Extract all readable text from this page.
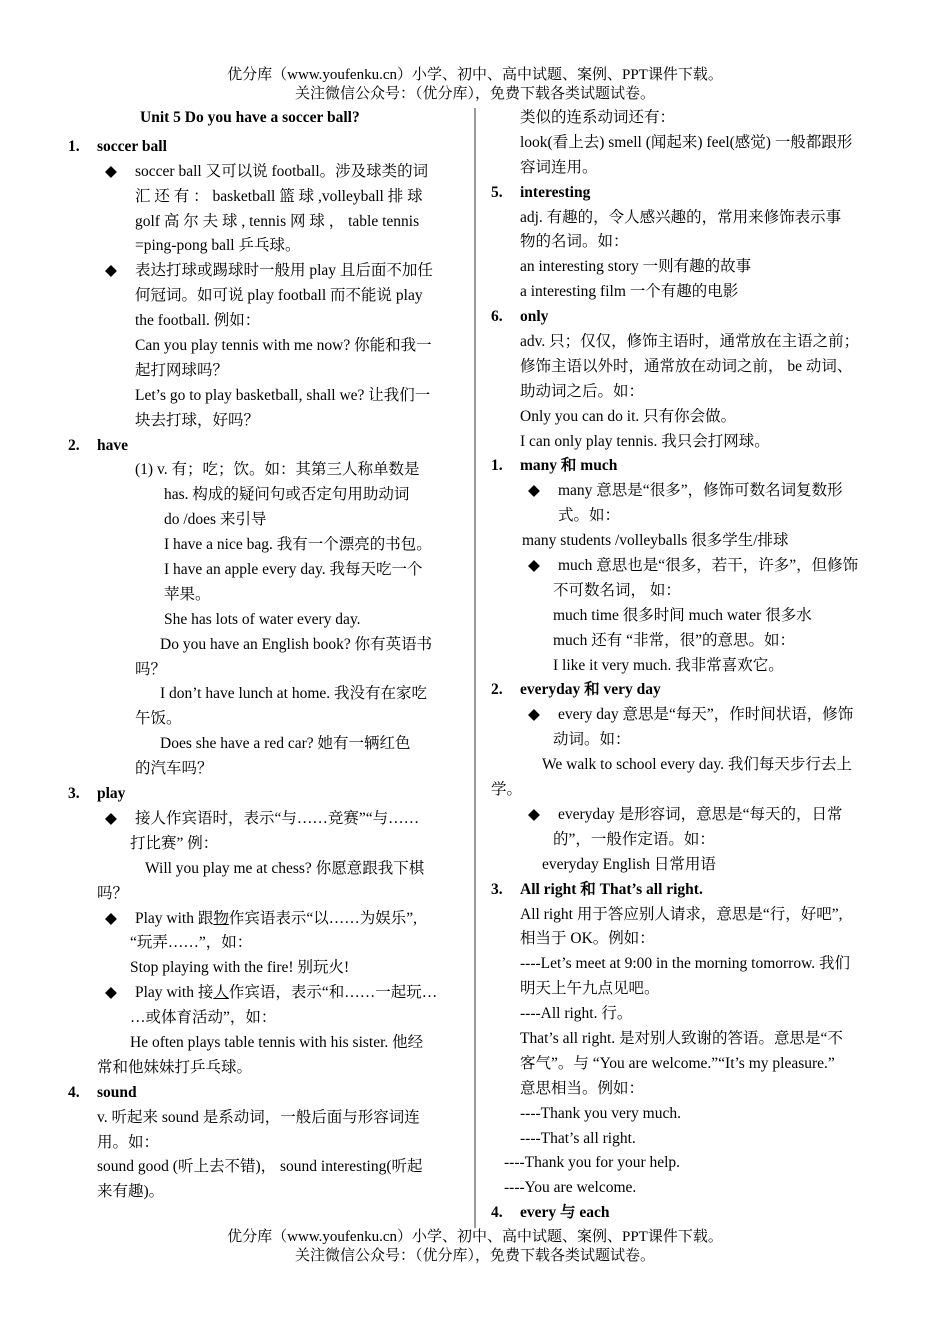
优分库（www.youfenku.cn）小学、初中、高中试题、案例、PPT课件下载。
关注微信公众号：（优分库），免费下载各类试题试卷。
Unit 5 Do you have a soccer ball?
1. soccer ball
◆ soccer ball 又可以说 football。涉及球类的词
汇 还 有 ： basketball 篮 球 ,volleyball 排 球
golf 高 尔 夫 球 , tennis 网 球 ， table tennis
=ping-pong ball 乒乓球。
◆ 表达打球或踢球时一般用 play 且后面不加任
何冠词。如可说 play football 而不能说 play
the football. 例如：
Can you play tennis with me now? 你能和我一
起打网球吗？
Let’s go to play basketball, shall we? 让我们一
块去打球，好吗？
2. have
(1) v. 有；吃；饮。如：其第三人称单数是
has. 构成的疑问句或否定句用助动词
do /does 来引导
I have a nice bag. 我有一个漂亮的书包。
I have an apple every day. 我每天吃一个
苹果。
She has lots of water every day.
Do you have an English book? 你有英语书
吗？
I don’t have lunch at home. 我没有在家吃
午饭。
Does she have a red car? 她有一辆红色
的汽车吗？
3. play
◆ 接人作宾语时，表示“与……竞赛”“与……
打比赛” 例：
Will you play me at chess? 你愿意跟我下棋
吗？
◆ Play with 跟物作宾语表示“以……为娱乐”,
“玩弄……”，如：
Stop playing with the fire! 别玩火!
◆ Play with 接人作宾语，表示“和……一起玩…
…或体育活动”，如：
He often plays table tennis with his sister. 他经
常和他妹妹打乒乓球。
4. sound
v. 听起来 sound 是系动词，一般后面与形容词连
用。如：
sound good (听上去不错)， sound interesting(听起
来有趣)。
类似的连系动词还有：
look(看上去) smell (闻起来) feel(感觉) 一般都跟形
容词连用。
5. interesting
adj. 有趣的，令人感兴趣的，常用来修饰表示事
物的名词。如：
an interesting story 一则有趣的故事
a interesting film 一个有趣的电影
6. only
adv. 只；仅仅，修饰主语时，通常放在主语之前；
修饰主语以外时，通常放在动词之前， be 动词、
助动词之后。如：
Only you can do it. 只有你会做。
I can only play tennis. 我只会打网球。
1. many 和 much
◆ many 意思是“很多”，修饰可数名词复数形
式。如：
many students /volleyballs 很多学生/排球
◆ much 意思也是“很多，若干，许多”，但修饰
不可数名词， 如：
much time 很多时间 much water 很多水
much 还有 “非常，很”的意思。如：
I like it very much. 我非常喜欢它。
2. everyday 和 very day
◆ every day 意思是“每天”，作时间状语，修饰
动词。如：
We walk to school every day. 我们每天步行去上
学。
◆ everyday 是形容词，意思是“每天的，日常
的”，一般作定语。如：
everyday English 日常用语
3. All right 和 That’s all right.
All right 用于答应别人请求，意思是“行，好吧”,
相当于 OK。例如：
----Let’s meet at 9:00 in the morning tomorrow. 我们
明天上午九点见吧。
----All right. 行。
That’s all right. 是对别人致谢的答语。意思是“不
客气”。与 “You are welcome.”“It’s my pleasure.”
意思相当。例如：
----Thank you very much.
----That’s all right.
----Thank you for your help.
----You are welcome.
4. every 与 each
优分库（www.youfenku.cn）小学、初中、高中试题、案例、PPT课件下载。
关注微信公众号：（优分库），免费下载各类试题试卷。
